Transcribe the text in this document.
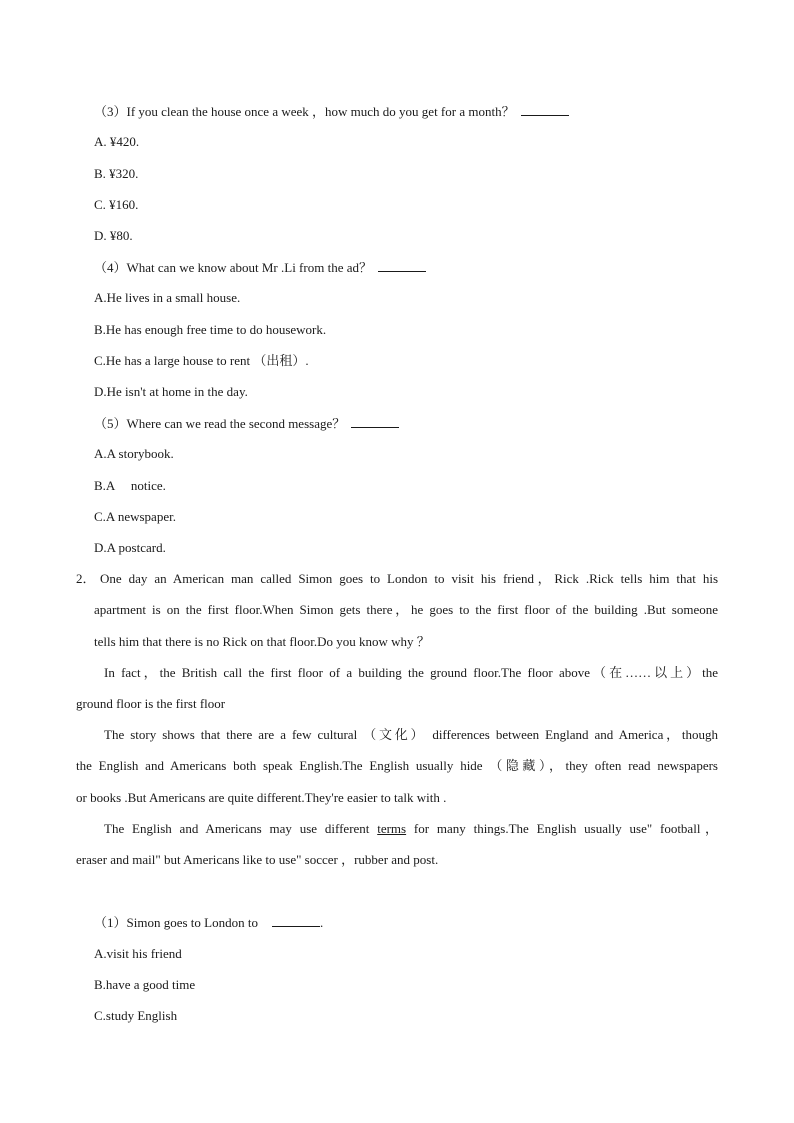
（3）If you clean the house once a week ，how much do you get for a month？
A. ¥420.
B. ¥320.
C. ¥160.
D. ¥80.
（4）What can we know about Mr .Li from the ad？
A.He lives in a small house.
B.He has enough free time to do housework.
C.He has a large house to rent （出租）.
D.He isn't at home in the day.
（5）Where can we read the second message？
A.A storybook.
B.A　 notice.
C.A newspaper.
D.A postcard.
2． One day an American man called Simon goes to London to visit his friend，Rick .Rick tells him that his
apartment is on the first floor.When Simon gets there，he goes to the first floor of the building .But someone
tells him that there is no Rick on that floor.Do you know why ？
In fact，the British call the first floor of a building the ground floor.The floor above（在……以上）the
ground floor is the first floor
The story shows that there are a few cultural （文化） differences between England and America，though
the English and Americans both speak English.The English usually hide （隐藏），they often read newspapers
or books .But Americans are quite different.They're easier to talk with .
The English and Americans may use different terms for many things.The English usually use" football，
eraser and mail" but Americans like to use" soccer ，rubber and post.
（1）Simon goes to London to	.
A.visit his friend
B.have a good time
C.study English
